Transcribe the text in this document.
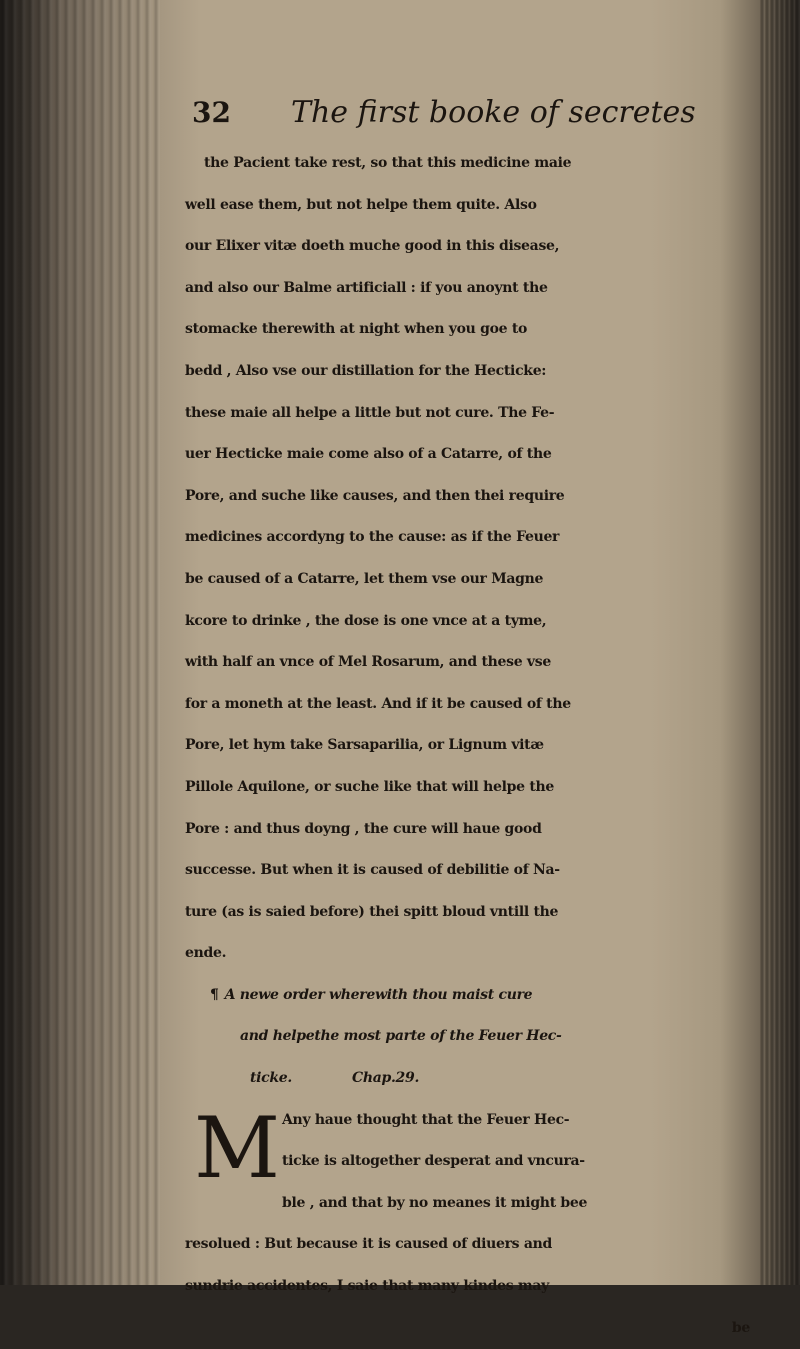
32 The first booke of secretes
the Pacient take rest, so that this medicine maie
well ease them, but not helpe them quite. Also
our Elixer vitæ doeth muche good in this disease,
and also our Balme artificiall : if you anoynt the
stomacke therewith at night when you goe to
bedd , Also vse our distillation for the Hecticke:
these maie all helpe a little but not cure. The Fe-
uer Hecticke maie come also of a Catarre, of the
Pore, and suche like causes, and then thei require
medicines accordyng to the cause: as if the Feuer
be caused of a Catarre, let them vse our Magne
kcore to drinke , the dose is one vnce at a tyme,
with half an vnce of Mel Rosarum, and these vse
for a moneth at the least. And if it be caused of the
Pore, let hym take Sarsaparilia, or Lignum vitæ
Pillole Aquilone, or suche like that will helpe the
Pore : and thus doyng , the cure will haue good
successe. But when it is caused of debilitie of Na-
ture (as is saied before) thei spitt bloud vntill the
ende.
¶ A newe order wherewith thou maist cure
and helpethe most parte of the Feuer Hec-
ticke.	Chap.29.
M Any haue thought that the Feuer Hec-
ticke is altogether desperat and vncura-
ble , and that by no meanes it might bee
resolued : But because it is caused of diuers and
sundrie accidentes, I saie that many kindes may
be
